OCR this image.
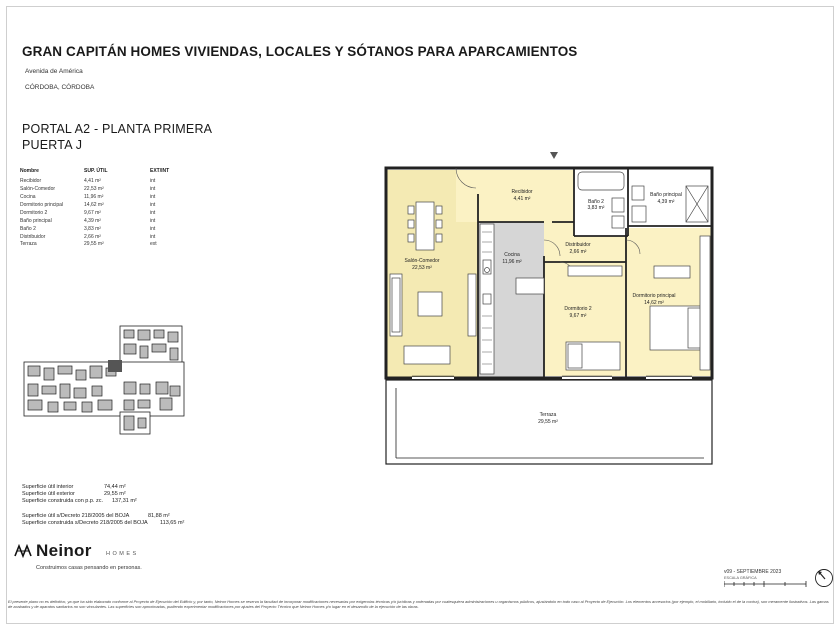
GRAN CAPITÁN HOMES VIVIENDAS, LOCALES Y SÓTANOS PARA APARCAMIENTOS
Avenida de América
CÓRDOBA, CÓRDOBA
PORTAL A2 - PLANTA PRIMERA
PUERTA J
Nombre	SUP. ÚTIL	EXT/INT
Recibidor	4,41 m²	int
Salón-Comedor	22,53 m²	int
Cocina	11,96 m²	int
Dormitorio principal	14,62 m²	int
Dormitorio 2	9,67 m²	int
Baño principal	4,39 m²	int
Baño 2	3,83 m²	int
Distribuidor	2,66 m²	int
Terraza	29,55 m²	ext
Superficie útil interior	74,44 m²
Superficie útil exterior	29,55 m²
Superficie construida con p.p. zc. 137,31 m²
Superficie útil s/Decreto 218/2005 del BOJA	81,88 m²
Superficie construida s/Decreto 218/2005 del BOJA 113,65 m²
Neinor	HOMES
Construimos casas pensando en personas.
v09 - SEPTIEMBRE 2023
ESCALA GRÁFICA
El presente plano no es definitivo, ya que ha sido elaborado conforme al Proyecto de Ejecución del Edificio y, por tanto, Neinor Homes se reserva la facultad de incorporar modificaciones necesarias por exigencias técnicas y/o jurídicas y ordenadas por cualesquiera administraciones u organismos públicos, ajustándolo en todo caso al Proyecto de Ejecución. Los elementos accesorios (por ejemplo, el mobiliario, incluido el de la cocina), son meramente ilustrativos. Las gamas de acabados y de aparatos sanitarios no son vinculantes. Las superficies son aproximadas, pudiendo experimentar modificaciones por ajustes del Proyecto Técnico que Neinor Homes y/o lugar en el desarrollo de la ejecución de las obras.
Recibidor
4,41 m²	Baño 2
3,83 m²
Baño principal
4,39 m²
Salón-Comedor
22,53 m²
Cocina
11,96 m²
Distribuidor
2,66 m²
Dormitorio 2
9,67 m²
Dormitorio principal
14,62 m²
Terraza
29,55 m²
